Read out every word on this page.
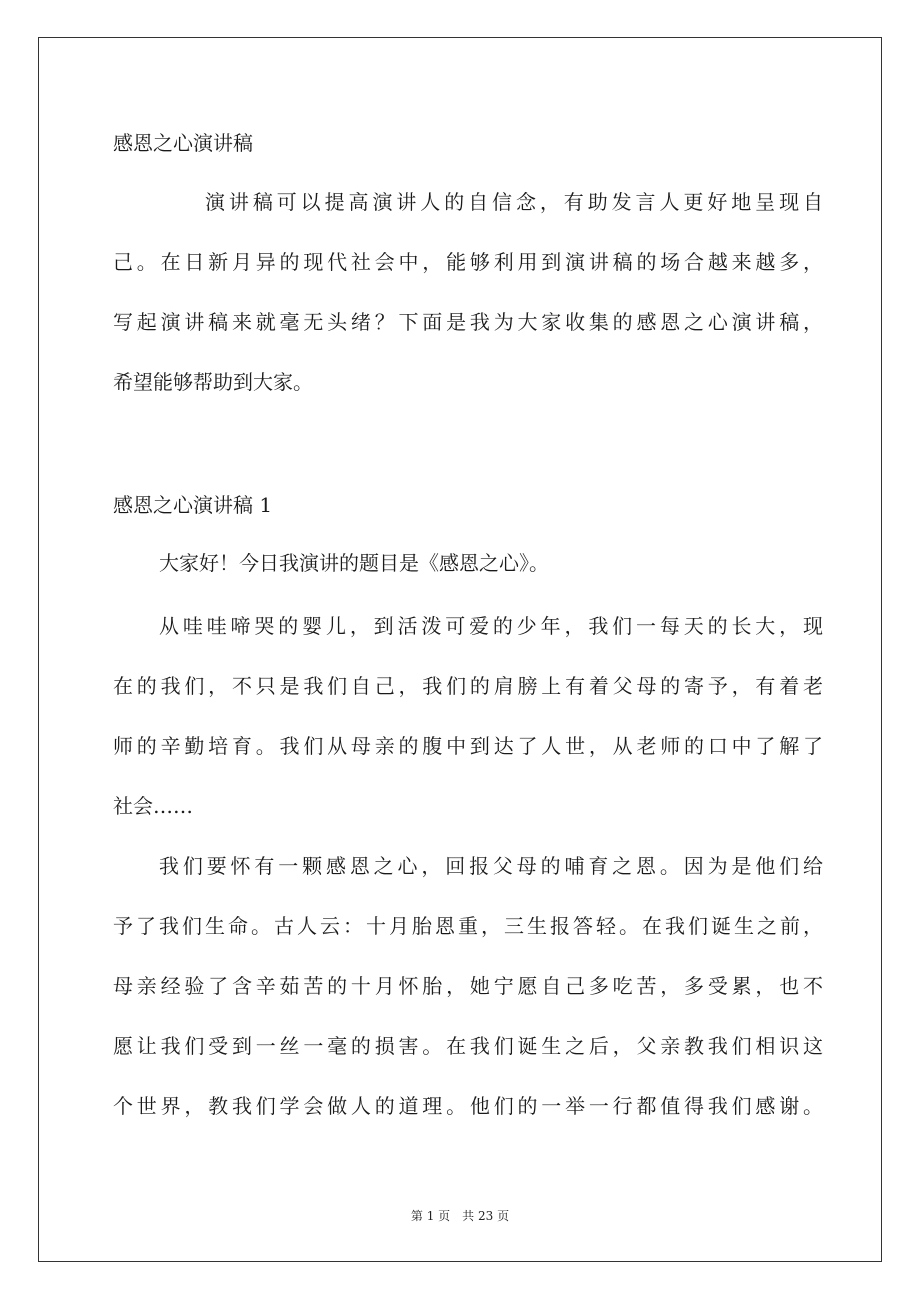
感恩之心演讲稿
演讲稿可以提高演讲人的自信念，有助发言人更好地呈现自
己。在日新月异的现代社会中，能够利用到演讲稿的场合越来越多，
写起演讲稿来就毫无头绪？下面是我为大家收集的感恩之心演讲稿，
希望能够帮助到大家。
感恩之心演讲稿 1
大家好！今日我演讲的题目是《感恩之心》。
从哇哇啼哭的婴儿，到活泼可爱的少年，我们一每天的长大，现
在的我们，不只是我们自己，我们的肩膀上有着父母的寄予，有着老
师的辛勤培育。我们从母亲的腹中到达了人世，从老师的口中了解了
社会……
我们要怀有一颗感恩之心，回报父母的哺育之恩。因为是他们给
予了我们生命。古人云：十月胎恩重，三生报答轻。在我们诞生之前，
母亲经验了含辛茹苦的十月怀胎，她宁愿自己多吃苦，多受累，也不
愿让我们受到一丝一毫的损害。在我们诞生之后，父亲教我们相识这
个世界，教我们学会做人的道理。他们的一举一行都值得我们感谢。
第 1 页　共 23 页
